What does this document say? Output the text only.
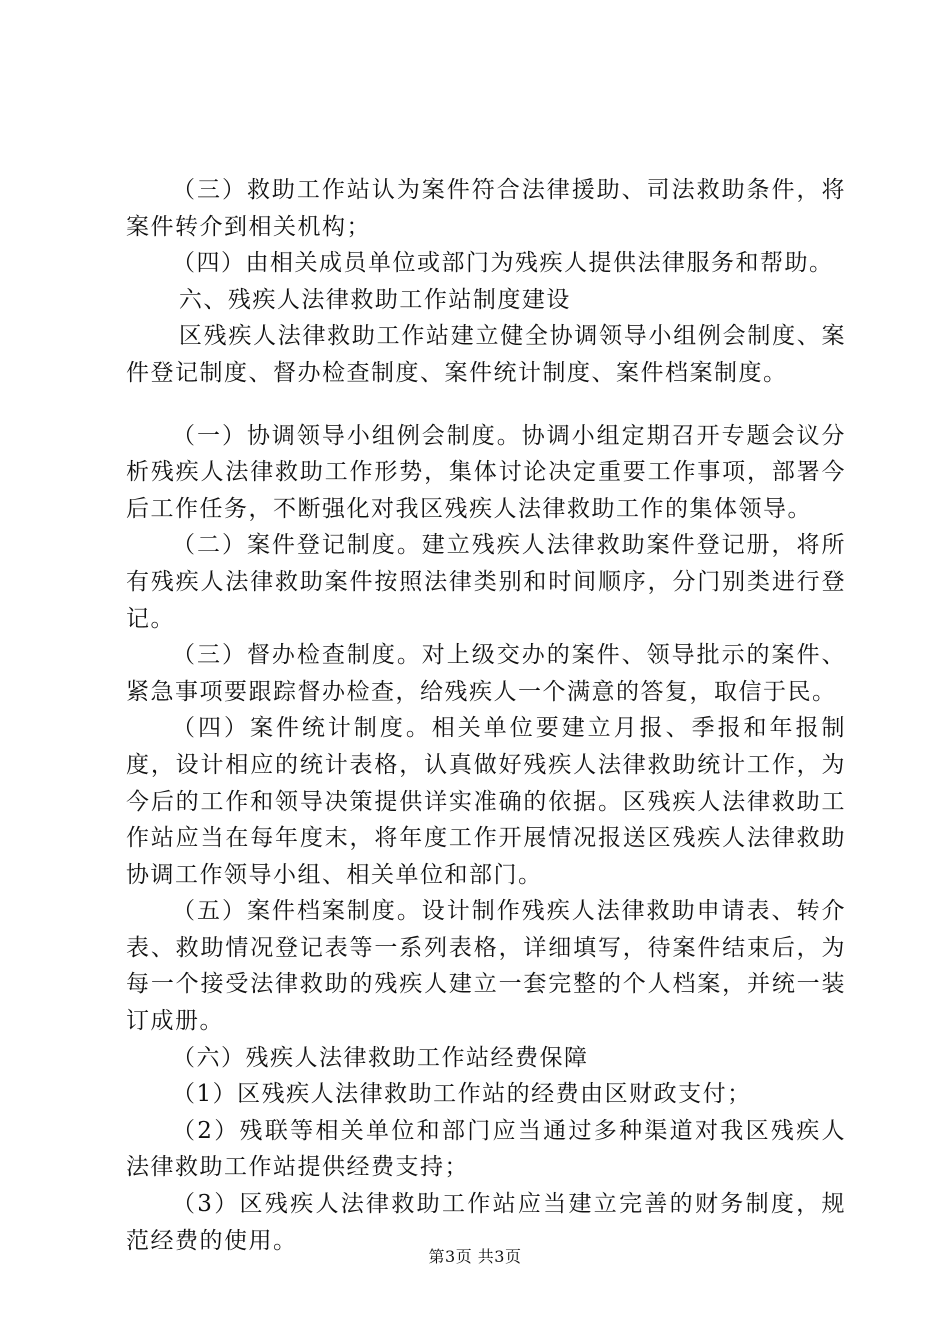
（三）救助工作站认为案件符合法律援助、司法救助条件，将案件转介到相关机构；

（四）由相关成员单位或部门为残疾人提供法律服务和帮助。

六、残疾人法律救助工作站制度建设

区残疾人法律救助工作站建立健全协调领导小组例会制度、案件登记制度、督办检查制度、案件统计制度、案件档案制度。

（一）协调领导小组例会制度。协调小组定期召开专题会议分析残疾人法律救助工作形势，集体讨论决定重要工作事项，部署今后工作任务，不断强化对我区残疾人法律救助工作的集体领导。

（二）案件登记制度。建立残疾人法律救助案件登记册，将所有残疾人法律救助案件按照法律类别和时间顺序，分门别类进行登记。

（三）督办检查制度。对上级交办的案件、领导批示的案件、紧急事项要跟踪督办检查，给残疾人一个满意的答复，取信于民。

（四）案件统计制度。相关单位要建立月报、季报和年报制度，设计相应的统计表格，认真做好残疾人法律救助统计工作，为今后的工作和领导决策提供详实准确的依据。区残疾人法律救助工作站应当在每年度末，将年度工作开展情况报送区残疾人法律救助协调工作领导小组、相关单位和部门。

（五）案件档案制度。设计制作残疾人法律救助申请表、转介表、救助情况登记表等一系列表格，详细填写，待案件结束后，为每一个接受法律救助的残疾人建立一套完整的个人档案，并统一装订成册。

（六）残疾人法律救助工作站经费保障

（1）区残疾人法律救助工作站的经费由区财政支付；

（2）残联等相关单位和部门应当通过多种渠道对我区残疾人法律救助工作站提供经费支持；

（3）区残疾人法律救助工作站应当建立完善的财务制度，规范经费的使用。

第3页 共3页
